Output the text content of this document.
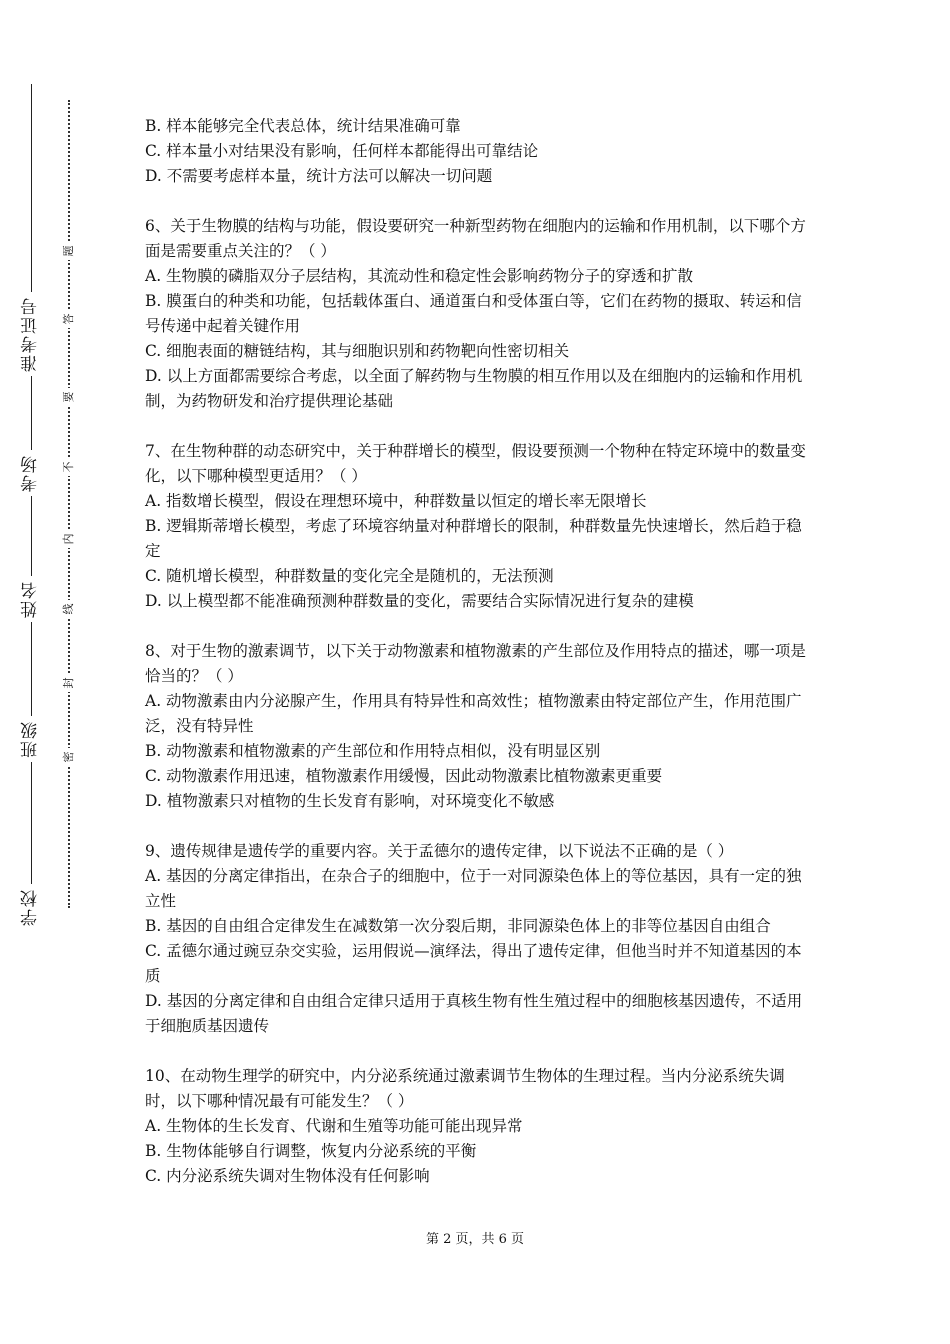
准考证号
考场
姓名
班级
学校
题
答
要
不
内
线
封
密

B. 样本能够完全代表总体，统计结果准确可靠

C. 样本量小对结果没有影响，任何样本都能得出可靠结论

D. 不需要考虑样本量，统计方法可以解决一切问题

6、关于生物膜的结构与功能，假设要研究一种新型药物在细胞内的运输和作用机制，以下哪个方面是需要重点关注的？（ ）

A. 生物膜的磷脂双分子层结构，其流动性和稳定性会影响药物分子的穿透和扩散

B. 膜蛋白的种类和功能，包括载体蛋白、通道蛋白和受体蛋白等，它们在药物的摄取、转运和信号传递中起着关键作用

C. 细胞表面的糖链结构，其与细胞识别和药物靶向性密切相关

D. 以上方面都需要综合考虑，以全面了解药物与生物膜的相互作用以及在细胞内的运输和作用机制，为药物研发和治疗提供理论基础

7、在生物种群的动态研究中，关于种群增长的模型，假设要预测一个物种在特定环境中的数量变化，以下哪种模型更适用？（ ）

A. 指数增长模型，假设在理想环境中，种群数量以恒定的增长率无限增长

B. 逻辑斯蒂增长模型，考虑了环境容纳量对种群增长的限制，种群数量先快速增长，然后趋于稳定

C. 随机增长模型，种群数量的变化完全是随机的，无法预测

D. 以上模型都不能准确预测种群数量的变化，需要结合实际情况进行复杂的建模

8、对于生物的激素调节，以下关于动物激素和植物激素的产生部位及作用特点的描述，哪一项是恰当的？（ ）

A. 动物激素由内分泌腺产生，作用具有特异性和高效性；植物激素由特定部位产生，作用范围广泛，没有特异性

B. 动物激素和植物激素的产生部位和作用特点相似，没有明显区别

C. 动物激素作用迅速，植物激素作用缓慢，因此动物激素比植物激素更重要

D. 植物激素只对植物的生长发育有影响，对环境变化不敏感

9、遗传规律是遗传学的重要内容。关于孟德尔的遗传定律，以下说法不正确的是（ ）

A. 基因的分离定律指出，在杂合子的细胞中，位于一对同源染色体上的等位基因，具有一定的独立性

B. 基因的自由组合定律发生在减数第一次分裂后期，非同源染色体上的非等位基因自由组合

C. 孟德尔通过豌豆杂交实验，运用假说—演绎法，得出了遗传定律，但他当时并不知道基因的本质

D. 基因的分离定律和自由组合定律只适用于真核生物有性生殖过程中的细胞核基因遗传，不适用于细胞质基因遗传

10、在动物生理学的研究中，内分泌系统通过激素调节生物体的生理过程。当内分泌系统失调时，以下哪种情况最有可能发生？（ ）

A. 生物体的生长发育、代谢和生殖等功能可能出现异常

B. 生物体能够自行调整，恢复内分泌系统的平衡

C. 内分泌系统失调对生物体没有任何影响

第 2 页，共 6 页
